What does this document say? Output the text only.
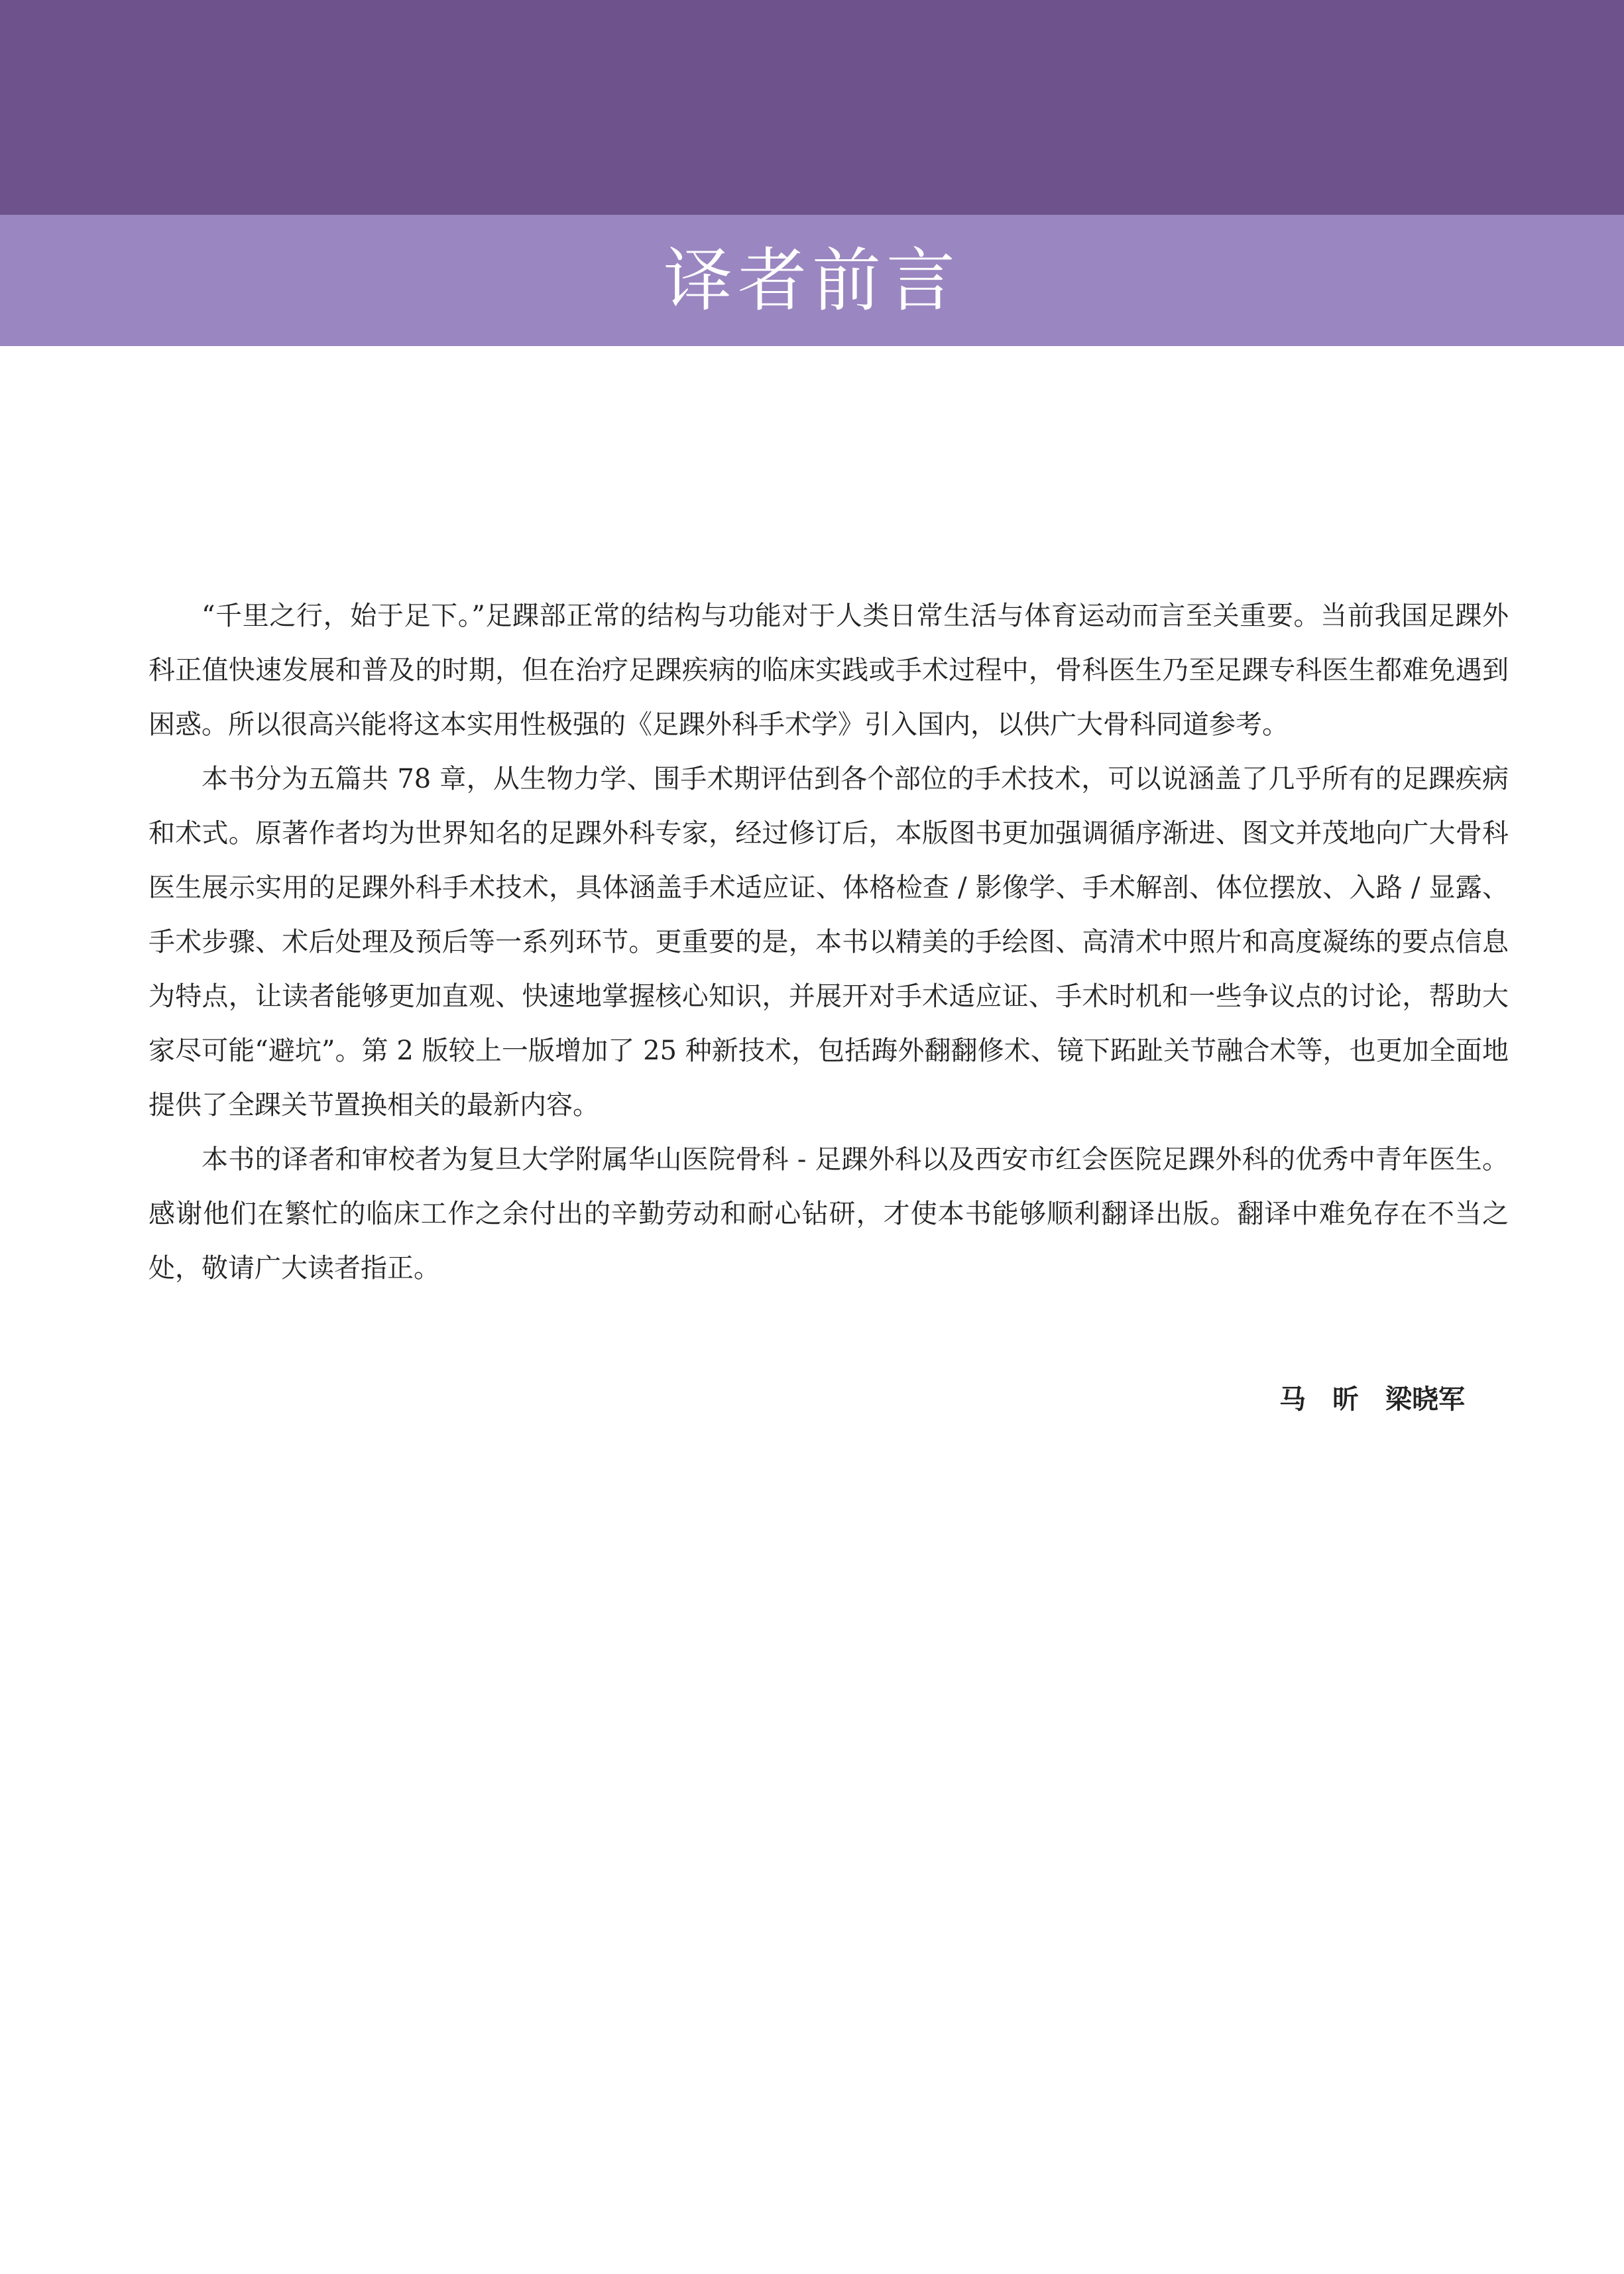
译者前言

“千里之行，始于足下。”足踝部正常的结构与功能对于人类日常生活与体育运动而言至关重要。当前我国足踝外科正值快速发展和普及的时期，但在治疗足踝疾病的临床实践或手术过程中，骨科医生乃至足踝专科医生都难免遇到困惑。所以很高兴能将这本实用性极强的《足踝外科手术学》引入国内，以供广大骨科同道参考。

本书分为五篇共 78 章，从生物力学、围手术期评估到各个部位的手术技术，可以说涵盖了几乎所有的足踝疾病和术式。原著作者均为世界知名的足踝外科专家，经过修订后，本版图书更加强调循序渐进、图文并茂地向广大骨科医生展示实用的足踝外科手术技术，具体涵盖手术适应证、体格检查 / 影像学、手术解剖、体位摆放、入路 / 显露、手术步骤、术后处理及预后等一系列环节。更重要的是，本书以精美的手绘图、高清术中照片和高度凝练的要点信息为特点，让读者能够更加直观、快速地掌握核心知识，并展开对手术适应证、手术时机和一些争议点的讨论，帮助大家尽可能“避坑”。第 2 版较上一版增加了 25 种新技术，包括踇外翻翻修术、镜下跖趾关节融合术等，也更加全面地提供了全踝关节置换相关的最新内容。

本书的译者和审校者为复旦大学附属华山医院骨科 - 足踝外科以及西安市红会医院足踝外科的优秀中青年医生。感谢他们在繁忙的临床工作之余付出的辛勤劳动和耐心钻研，才使本书能够顺利翻译出版。翻译中难免存在不当之处，敬请广大读者指正。

马　昕　梁晓军
